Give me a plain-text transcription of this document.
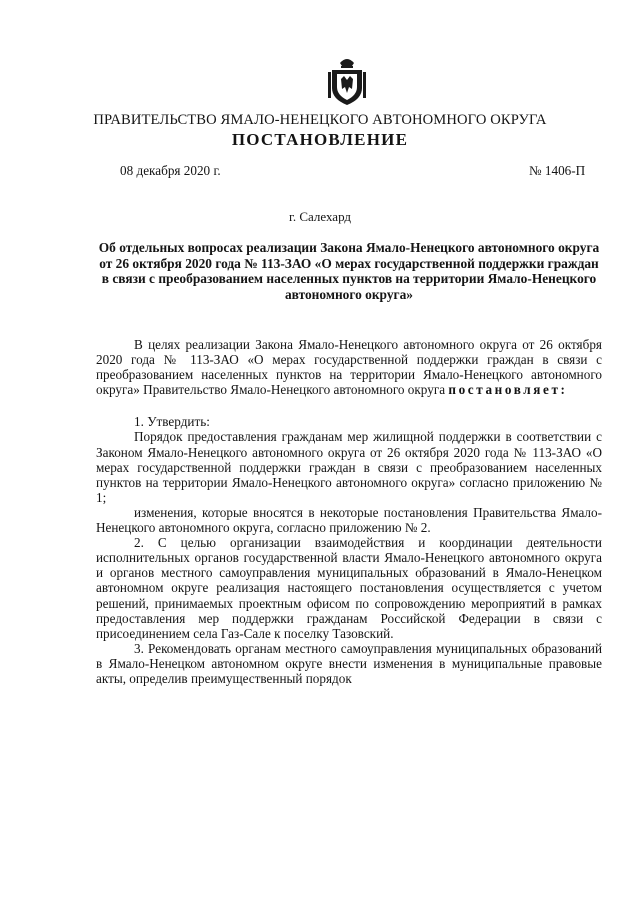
ПРАВИТЕЛЬСТВО ЯМАЛО-НЕНЕЦКОГО АВТОНОМНОГО ОКРУГА
ПОСТАНОВЛЕНИЕ
08 декабря 2020 г.	№ 1406-П
г. Салехард
Об отдельных вопросах реализации Закона Ямало-Ненецкого автономного округа от 26 октября 2020 года № 113-ЗАО «О мерах государственной поддержки граждан в связи с преобразованием населенных пунктов на территории Ямало-Ненецкого автономного округа»

В целях реализации Закона Ямало-Ненецкого автономного округа от 26 октября 2020 года № 113-ЗАО «О мерах государственной поддержки граждан в связи с преобразованием населенных пунктов на территории Ямало-Ненецкого автономного округа» Правительство Ямало-Ненецкого автономного округа постановляет:

1. Утвердить:

Порядок предоставления гражданам мер жилищной поддержки в соответствии с Законом Ямало-Ненецкого автономного округа от 26 октября 2020 года № 113-ЗАО «О мерах государственной поддержки граждан в связи с преобразованием населенных пунктов на территории Ямало-Ненецкого автономного округа» согласно приложению № 1;

изменения, которые вносятся в некоторые постановления Правительства Ямало-Ненецкого автономного округа, согласно приложению № 2.

2. С целью организации взаимодействия и координации деятельности исполнительных органов государственной власти Ямало-Ненецкого автономного округа и органов местного самоуправления муниципальных образований в Ямало-Ненецком автономном округе реализация настоящего постановления осуществляется с учетом решений, принимаемых проектным офисом по сопровождению мероприятий в рамках предоставления мер поддержки гражданам Российской Федерации в связи с присоединением села Газ-Сале к поселку Тазовский.

3. Рекомендовать органам местного самоуправления муниципальных образований в Ямало-Ненецком автономном округе внести изменения в муниципальные правовые акты, определив преимущественный порядок
